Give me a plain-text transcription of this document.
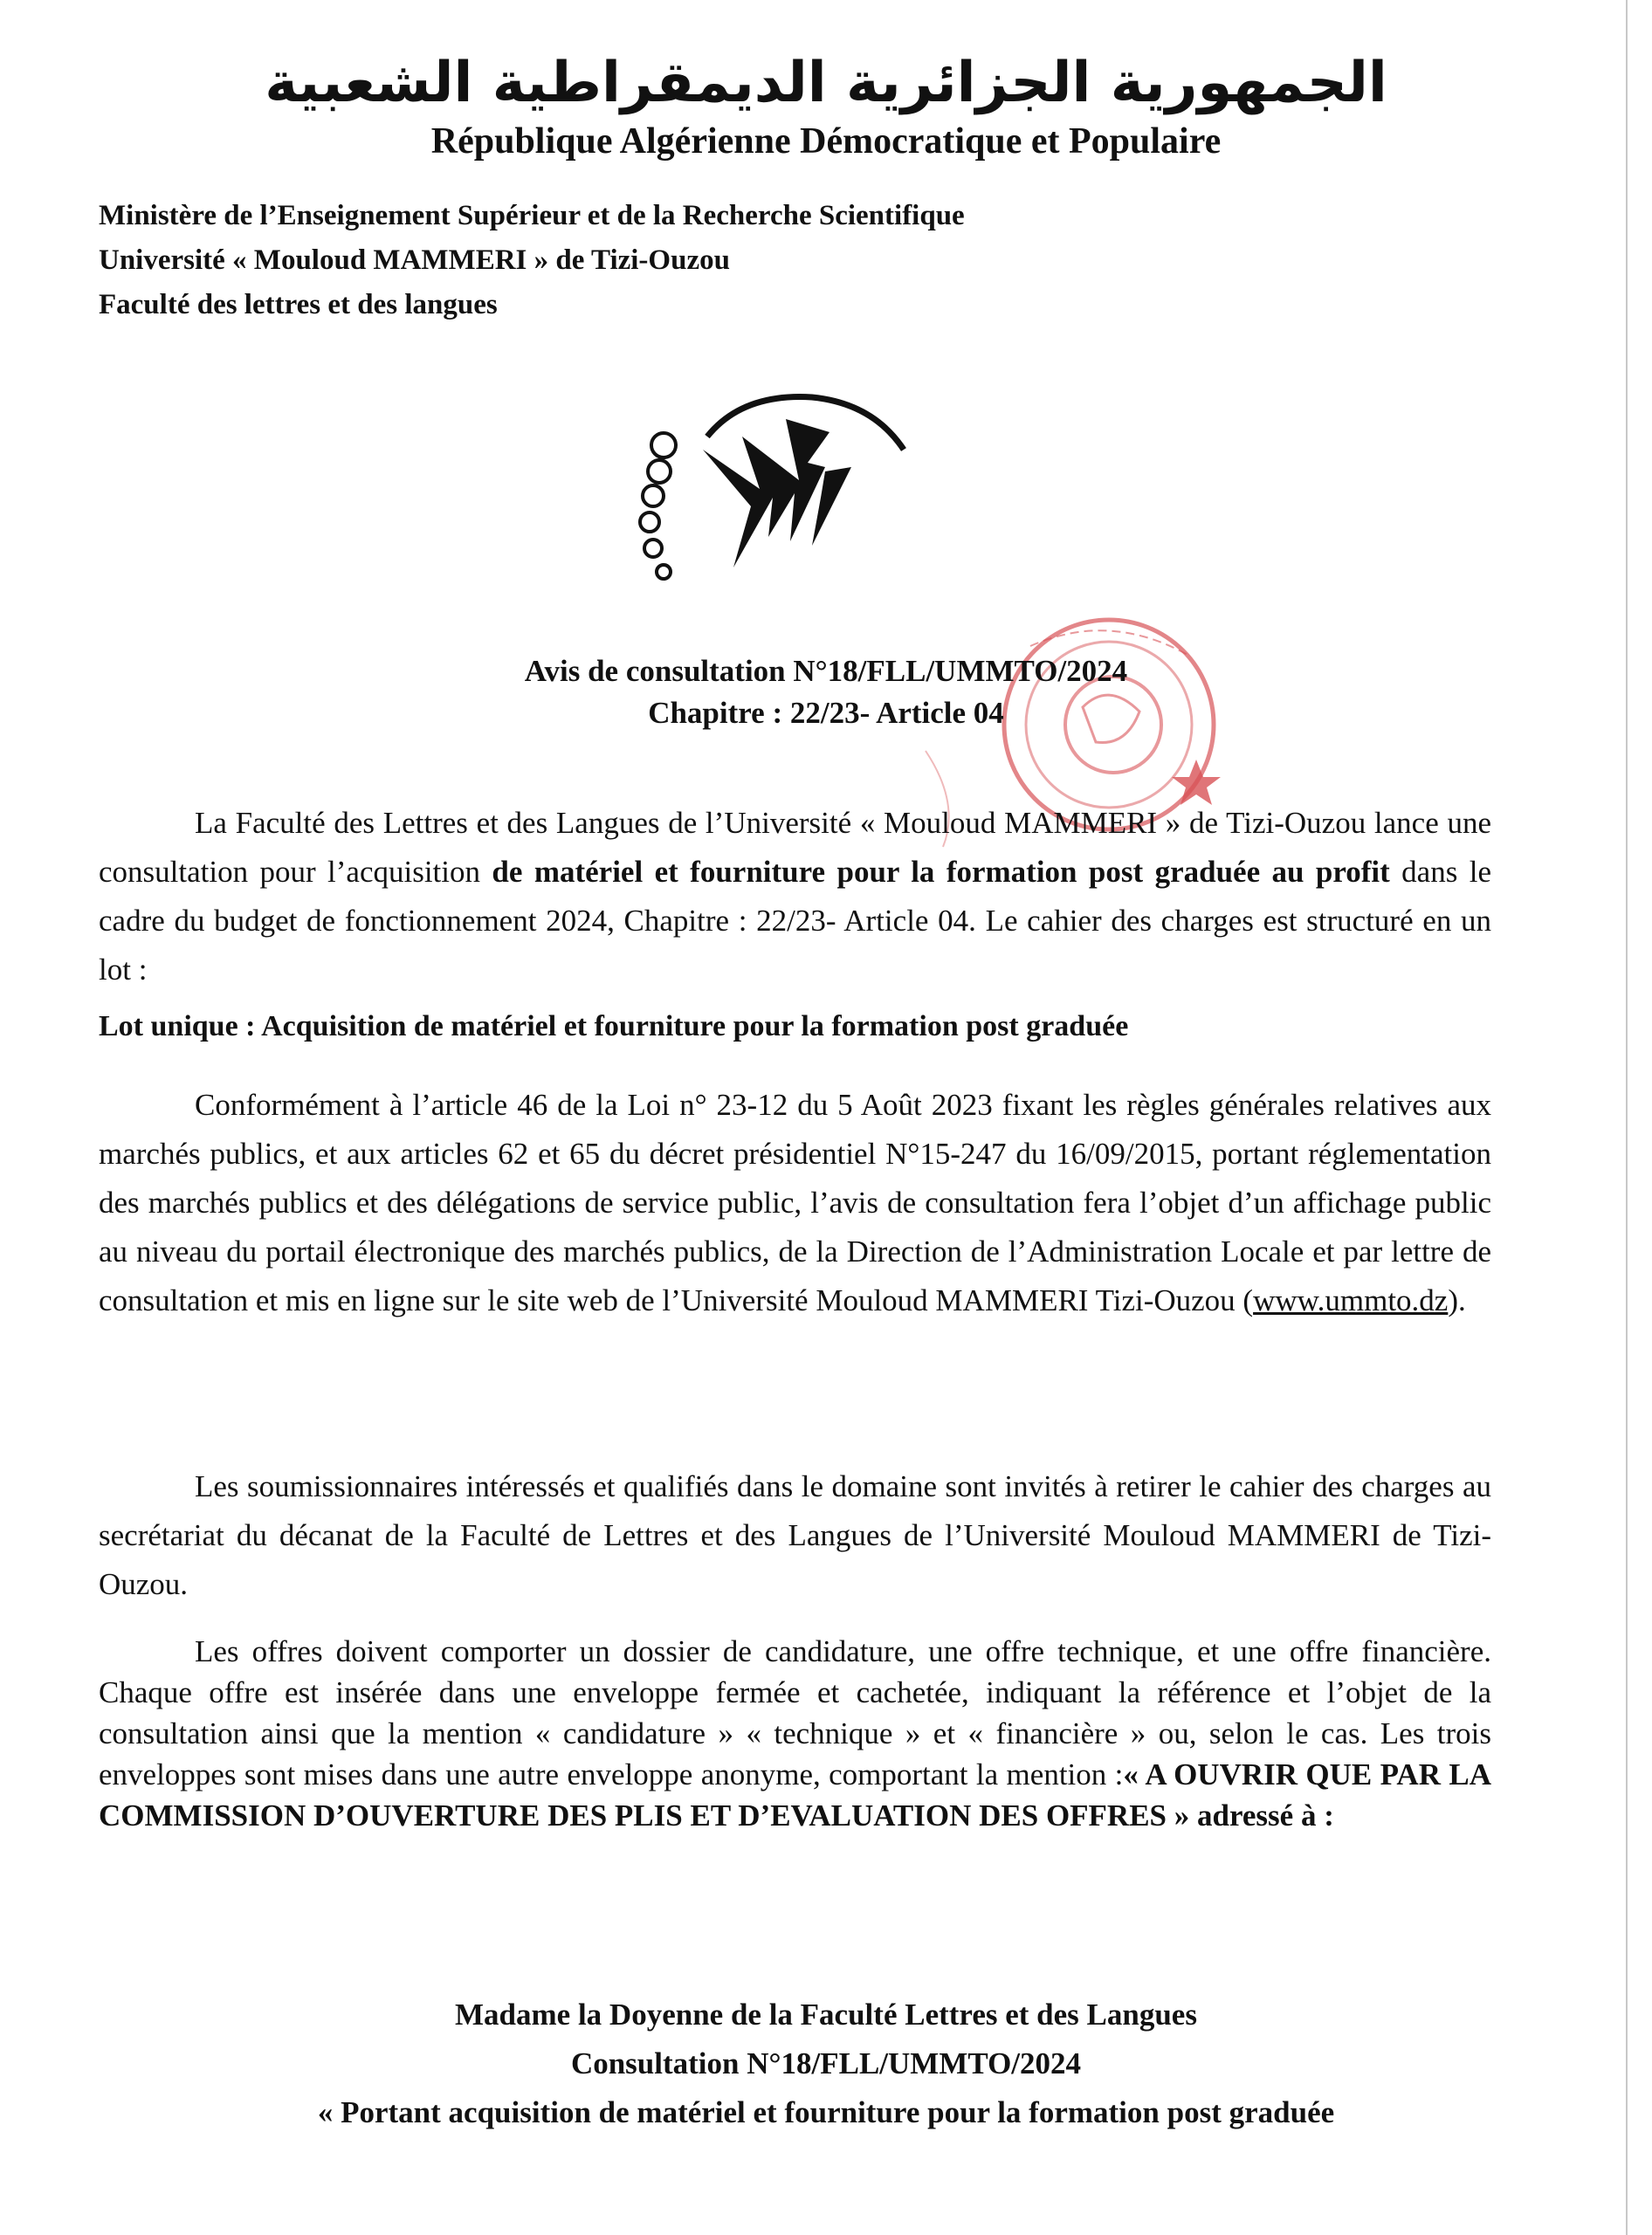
الجمهورية الجزائرية الديمقراطية الشعبية
République Algérienne Démocratique et Populaire
Ministère de l’Enseignement Supérieur et de la Recherche Scientifique
Université « Mouloud MAMMERI » de Tizi-Ouzou
Faculté des lettres et des langues
Avis de consultation N°18/FLL/UMMTO/2024
Chapitre : 22/23- Article 04

La Faculté des Lettres et des Langues de l’Université « Mouloud MAMMERI » de Tizi-Ouzou lance une consultation pour l’acquisition de matériel et fourniture pour la formation post graduée au profit dans le cadre du budget de fonctionnement 2024, Chapitre : 22/23- Article 04. Le cahier des charges est structuré en un lot :

Lot unique : Acquisition de matériel et fourniture pour la formation post graduée

Conformément à l’article 46 de la Loi n° 23-12 du 5 Août 2023 fixant les règles générales relatives aux marchés publics, et aux articles 62 et 65 du décret présidentiel N°15-247 du 16/09/2015, portant réglementation des marchés publics et des délégations de service public, l’avis de consultation fera l’objet d’un affichage public au niveau du portail électronique des marchés publics, de la Direction de l’Administration Locale et par lettre de consultation et mis en ligne sur le site web de l’Université Mouloud MAMMERI Tizi-Ouzou (www.ummto.dz).

Les soumissionnaires intéressés et qualifiés dans le domaine sont invités à retirer le cahier des charges au secrétariat du décanat de la Faculté de Lettres et des Langues de l’Université Mouloud MAMMERI de Tizi-Ouzou.

Les offres doivent comporter un dossier de candidature, une offre technique, et une offre financière. Chaque offre est insérée dans une enveloppe fermée et cachetée, indiquant la référence et l’objet de la consultation ainsi que la mention « candidature » « technique » et « financière » ou, selon le cas. Les trois enveloppes sont mises dans une autre enveloppe anonyme, comportant la mention :« A OUVRIR QUE PAR LA COMMISSION D’OUVERTURE DES PLIS ET D’EVALUATION DES OFFRES » adressé à :

Madame la Doyenne de la Faculté Lettres et des Langues
Consultation N°18/FLL/UMMTO/2024
« Portant acquisition de matériel et fourniture pour la formation post graduée
